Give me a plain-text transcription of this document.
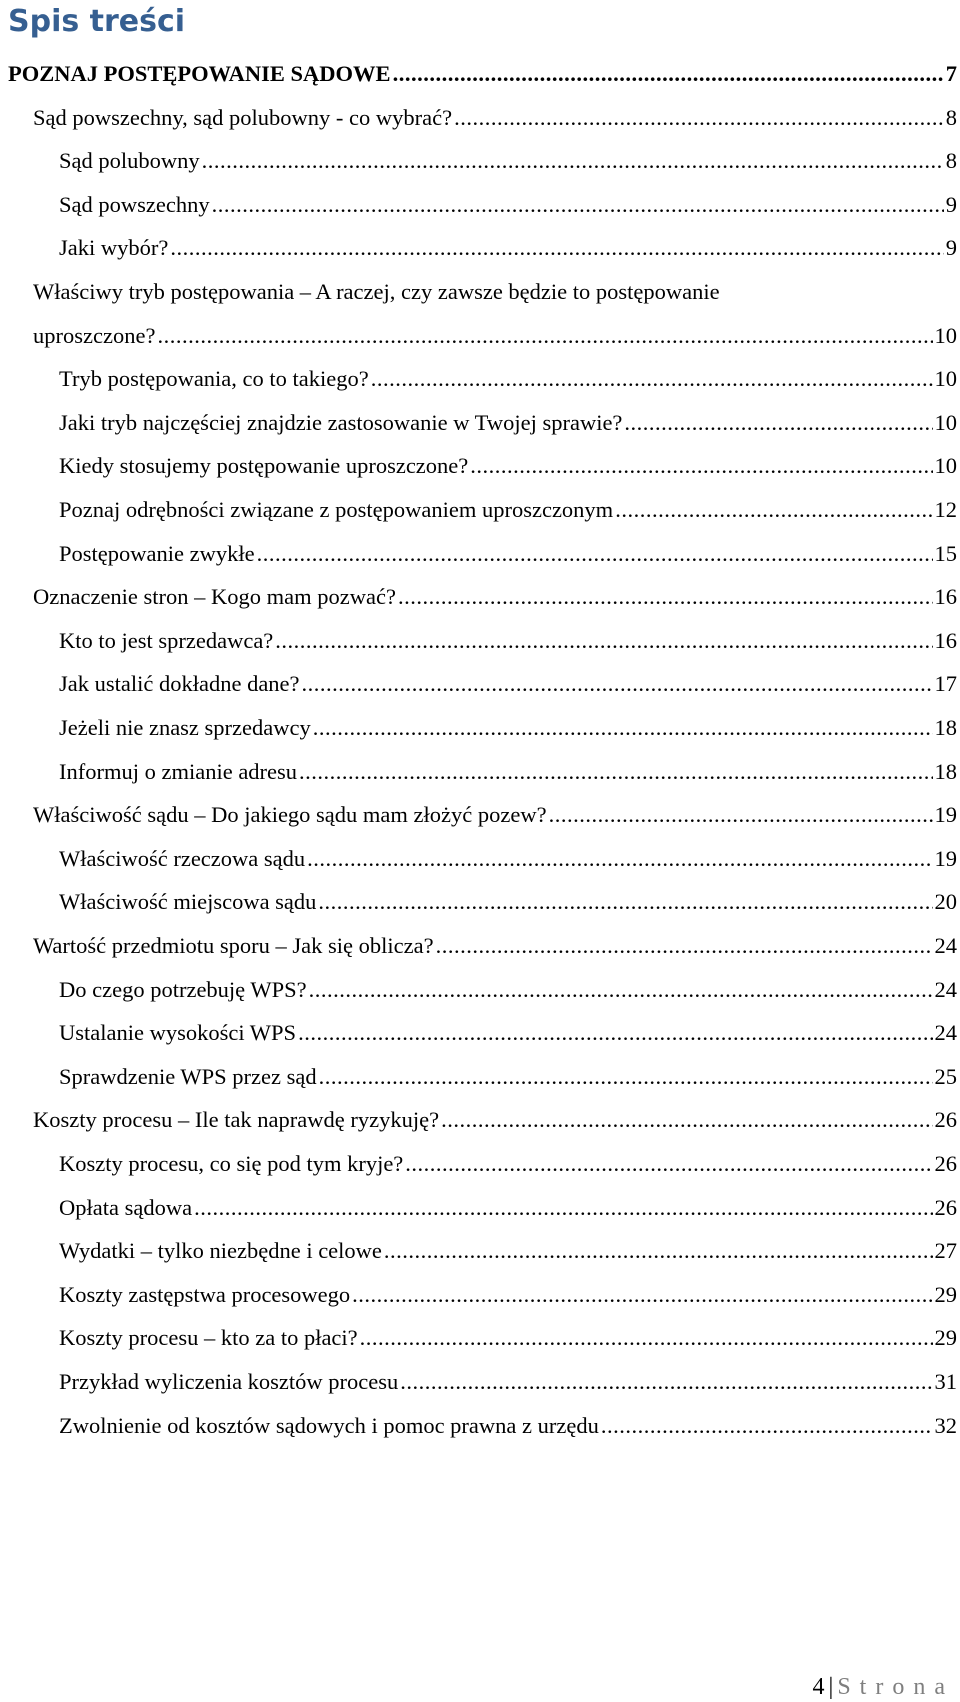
Spis treści
POZNAJ POSTĘPOWANIE SĄDOWE .....	7
Sąd powszechny, sąd polubowny - co wybrać? .....	8
Sąd polubowny .....	8
Sąd powszechny .....	9
Jaki wybór? .....	9
Właściwy tryb postępowania – A raczej, czy zawsze będzie to postępowanie
uproszczone? .....	10
Tryb postępowania, co to takiego? .....	10
Jaki tryb najczęściej znajdzie zastosowanie w Twojej sprawie? .....	10
Kiedy stosujemy postępowanie uproszczone? .....	10
Poznaj odrębności związane z postępowaniem uproszczonym .....	12
Postępowanie zwykłe .....	15
Oznaczenie stron – Kogo mam pozwać? .....	16
Kto to jest sprzedawca? .....	16
Jak ustalić dokładne dane? .....	17
Jeżeli nie znasz sprzedawcy .....	18
Informuj o zmianie adresu .....	18
Właściwość sądu – Do jakiego sądu mam złożyć pozew? .....	19
Właściwość rzeczowa sądu .....	19
Właściwość miejscowa sądu .....	20
Wartość przedmiotu sporu – Jak się oblicza? .....	24
Do czego potrzebuję WPS? .....	24
Ustalanie wysokości WPS .....	24
Sprawdzenie WPS przez sąd .....	25
Koszty procesu – Ile tak naprawdę ryzykuję? .....	26
Koszty procesu, co się pod tym kryje? .....	26
Opłata sądowa .....	26
Wydatki – tylko niezbędne i celowe .....	27
Koszty zastępstwa procesowego .....	29
Koszty procesu – kto za to płaci? .....	29
Przykład wyliczenia kosztów procesu .....	31
Zwolnienie od kosztów sądowych i pomoc prawna z urzędu .....	32
4 | Strona
